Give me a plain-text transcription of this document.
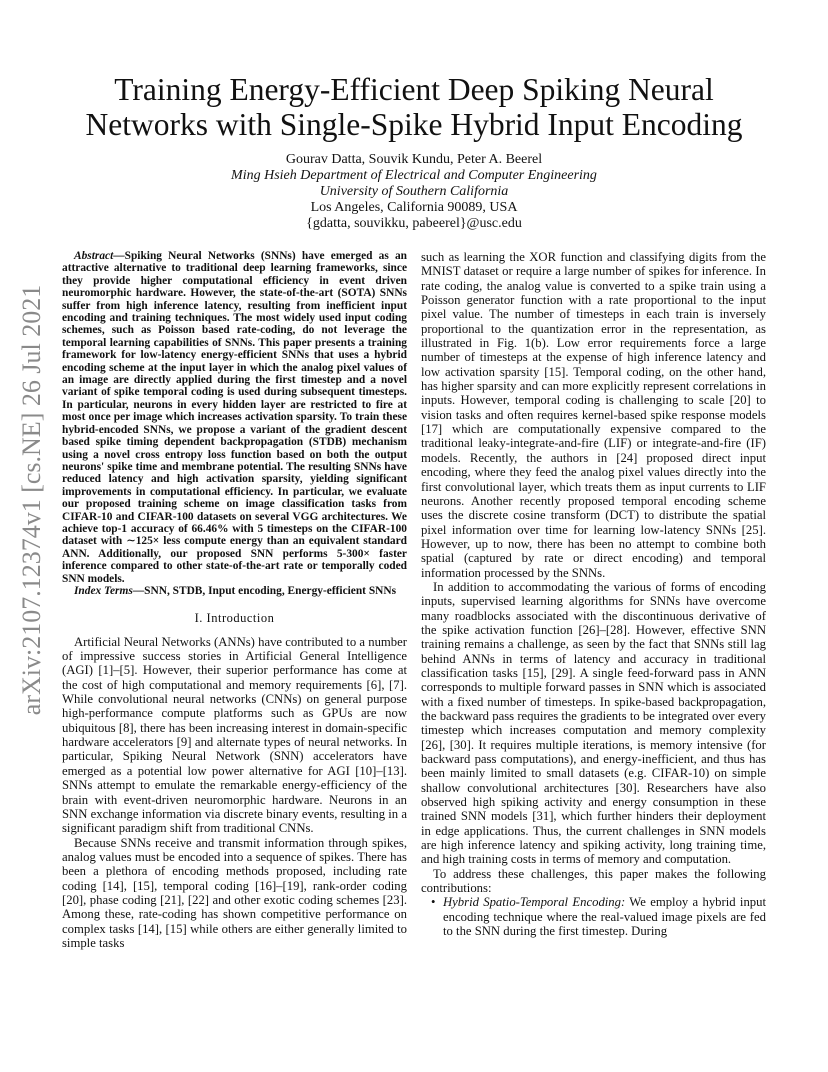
arXiv:2107.12374v1 [cs.NE] 26 Jul 2021
Training Energy-Efficient Deep Spiking Neural
Networks with Single-Spike Hybrid Input Encoding
Gourav Datta, Souvik Kundu, Peter A. Beerel
Ming Hsieh Department of Electrical and Computer Engineering
University of Southern California
Los Angeles, California 90089, USA
{gdatta, souvikku, pabeerel}@usc.edu

Abstract—Spiking Neural Networks (SNNs) have emerged as an attractive alternative to traditional deep learning frameworks, since they provide higher computational efficiency in event driven neuromorphic hardware. However, the state-of-the-art (SOTA) SNNs suffer from high inference latency, resulting from inefficient input encoding and training techniques. The most widely used input coding schemes, such as Poisson based rate-coding, do not leverage the temporal learning capabilities of SNNs. This paper presents a training framework for low-latency energy-efficient SNNs that uses a hybrid encoding scheme at the input layer in which the analog pixel values of an image are directly applied during the first timestep and a novel variant of spike temporal coding is used during subsequent timesteps. In particular, neurons in every hidden layer are restricted to fire at most once per image which increases activation sparsity. To train these hybrid-encoded SNNs, we propose a variant of the gradient descent based spike timing dependent backpropagation (STDB) mechanism using a novel cross entropy loss function based on both the output neurons' spike time and membrane potential. The resulting SNNs have reduced latency and high activation sparsity, yielding significant improvements in computational efficiency. In particular, we evaluate our proposed training scheme on image classification tasks from CIFAR-10 and CIFAR-100 datasets on several VGG architectures. We achieve top-1 accuracy of 66.46% with 5 timesteps on the CIFAR-100 dataset with ∼125× less compute energy than an equivalent standard ANN. Additionally, our proposed SNN performs 5-300× faster inference compared to other state-of-the-art rate or temporally coded SNN models.

Index Terms—SNN, STDB, Input encoding, Energy-efficient SNNs

I. Introduction

Artificial Neural Networks (ANNs) have contributed to a number of impressive success stories in Artificial General Intelligence (AGI) [1]–[5]. However, their superior performance has come at the cost of high computational and memory requirements [6], [7]. While convolutional neural networks (CNNs) on general purpose high-performance compute platforms such as GPUs are now ubiquitous [8], there has been increasing interest in domain-specific hardware accelerators [9] and alternate types of neural networks. In particular, Spiking Neural Network (SNN) accelerators have emerged as a potential low power alternative for AGI [10]–[13]. SNNs attempt to emulate the remarkable energy-efficiency of the brain with event-driven neuromorphic hardware. Neurons in an SNN exchange information via discrete binary events, resulting in a significant paradigm shift from traditional CNNs.

Because SNNs receive and transmit information through spikes, analog values must be encoded into a sequence of spikes. There has been a plethora of encoding methods proposed, including rate coding [14], [15], temporal coding [16]–[19], rank-order coding [20], phase coding [21], [22] and other exotic coding schemes [23]. Among these, rate-coding has shown competitive performance on complex tasks [14], [15] while others are either generally limited to simple tasks

such as learning the XOR function and classifying digits from the MNIST dataset or require a large number of spikes for inference. In rate coding, the analog value is converted to a spike train using a Poisson generator function with a rate proportional to the input pixel value. The number of timesteps in each train is inversely proportional to the quantization error in the representation, as illustrated in Fig. 1(b). Low error requirements force a large number of timesteps at the expense of high inference latency and low activation sparsity [15]. Temporal coding, on the other hand, has higher sparsity and can more explicitly represent correlations in inputs. However, temporal coding is challenging to scale [20] to vision tasks and often requires kernel-based spike response models [17] which are computationally expensive compared to the traditional leaky-integrate-and-fire (LIF) or integrate-and-fire (IF) models. Recently, the authors in [24] proposed direct input encoding, where they feed the analog pixel values directly into the first convolutional layer, which treats them as input currents to LIF neurons. Another recently proposed temporal encoding scheme uses the discrete cosine transform (DCT) to distribute the spatial pixel information over time for learning low-latency SNNs [25]. However, up to now, there has been no attempt to combine both spatial (captured by rate or direct encoding) and temporal information processed by the SNNs.

In addition to accommodating the various of forms of encoding inputs, supervised learning algorithms for SNNs have overcome many roadblocks associated with the discontinuous derivative of the spike activation function [26]–[28]. However, effective SNN training remains a challenge, as seen by the fact that SNNs still lag behind ANNs in terms of latency and accuracy in traditional classification tasks [15], [29]. A single feed-forward pass in ANN corresponds to multiple forward passes in SNN which is associated with a fixed number of timesteps. In spike-based backpropagation, the backward pass requires the gradients to be integrated over every timestep which increases computation and memory complexity [26], [30]. It requires multiple iterations, is memory intensive (for backward pass computations), and energy-inefficient, and thus has been mainly limited to small datasets (e.g. CIFAR-10) on simple shallow convolutional architectures [30]. Researchers have also observed high spiking activity and energy consumption in these trained SNN models [31], which further hinders their deployment in edge applications. Thus, the current challenges in SNN models are high inference latency and spiking activity, long training time, and high training costs in terms of memory and computation.

To address these challenges, this paper makes the following contributions:

• Hybrid Spatio-Temporal Encoding: We employ a hybrid input encoding technique where the real-valued image pixels are fed to the SNN during the first timestep. During
